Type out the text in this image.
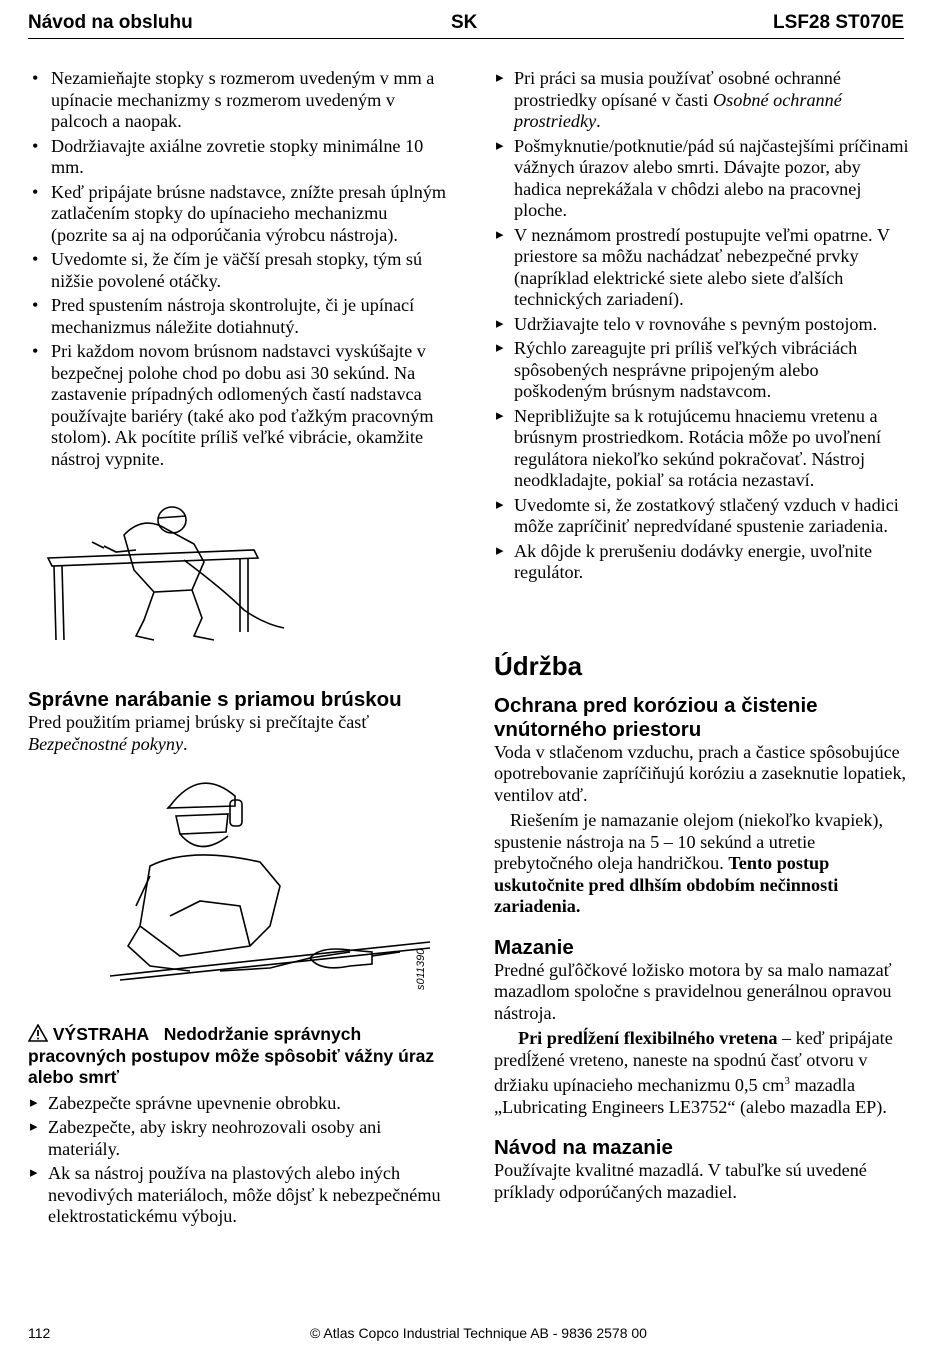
Návod na obsluhu	SK	LSF28 ST070E
• Nezamieňajte stopky s rozmerom uvedeným v mm a upínacie mechanizmy s rozmerom uvedeným v palcoch a naopak.
• Dodržiavajte axiálne zovretie stopky minimálne 10 mm.
• Keď pripájate brúsne nadstavce, znížte presah úplným zatlačením stopky do upínacieho mechanizmu (pozrite sa aj na odporúčania výrobcu nástroja).
• Uvedomte si, že čím je väčší presah stopky, tým sú nižšie povolené otáčky.
• Pred spustením nástroja skontrolujte, či je upínací mechanizmus náležite dotiahnutý.
• Pri každom novom brúsnom nadstavci vyskúšajte v bezpečnej polohe chod po dobu asi 30 sekúnd. Na zastavenie prípadných odlomených častí nadstavca používajte bariéry (také ako pod ťažkým pracovným stolom). Ak pocítite príliš veľké vibrácie, okamžite nástroj vypnite.
Správne narábanie s priamou brúskou

Pred použitím priamej brúsky si prečítajte časť Bezpečnostné pokyny.

s011390
VÝSTRAHA Nedodržanie správnych pracovných postupov môže spôsobiť vážny úraz alebo smrť
▸ Zabezpečte správne upevnenie obrobku.
▸ Zabezpečte, aby iskry neohrozovali osoby ani materiály.
▸ Ak sa nástroj používa na plastových alebo iných nevodivých materiáloch, môže dôjsť k nebezpečnému elektrostatickému výboju.
▸ Pri práci sa musia používať osobné ochranné prostriedky opísané v časti Osobné ochranné prostriedky.
▸ Pošmyknutie/potknutie/pád sú najčastejšími príčinami vážnych úrazov alebo smrti. Dávajte pozor, aby hadica neprekážala v chôdzi alebo na pracovnej ploche.
▸ V neznámom prostredí postupujte veľmi opatrne. V priestore sa môžu nachádzať nebezpečné prvky (napríklad elektrické siete alebo siete ďalších technických zariadení).
▸ Udržiavajte telo v rovnováhe s pevným postojom.
▸ Rýchlo zareagujte pri príliš veľkých vibráciách spôsobených nesprávne pripojeným alebo poškodeným brúsnym nadstavcom.
▸ Nepribližujte sa k rotujúcemu hnaciemu vretenu a brúsnym prostriedkom. Rotácia môže po uvoľnení regulátora niekoľko sekúnd pokračovať. Nástroj neodkladajte, pokiaľ sa rotácia nezastaví.
▸ Uvedomte si, že zostatkový stlačený vzduch v hadici môže zapríčiniť nepredvídané spustenie zariadenia.
▸ Ak dôjde k prerušeniu dodávky energie, uvoľnite regulátor.
Údržba
Ochrana pred koróziou a čistenie vnútorného priestoru

Voda v stlačenom vzduchu, prach a častice spôsobujúce opotrebovanie zapríčiňujú koróziu a zaseknutie lopatiek, ventilov atď.

Riešením je namazanie olejom (niekoľko kvapiek), spustenie nástroja na 5 – 10 sekúnd a utretie prebytočného oleja handričkou. Tento postup uskutočnite pred dlhším obdobím nečinnosti zariadenia.

Mazanie

Predné guľôčkové ložisko motora by sa malo namazať mazadlom spoločne s pravidelnou generálnou opravou nástroja.

Pri predĺžení flexibilného vretena – keď pripájate predĺžené vreteno, naneste na spodnú časť otvoru v držiaku upínacieho mechanizmu 0,5 $cm^3$ mazadla „Lubricating Engineers LE3752“ (alebo mazadla EP).

Návod na mazanie

Používajte kvalitné mazadlá. V tabuľke sú uvedené príklady odporúčaných mazadiel.

112	© Atlas Copco Industrial Technique AB - 9836 2578 00
